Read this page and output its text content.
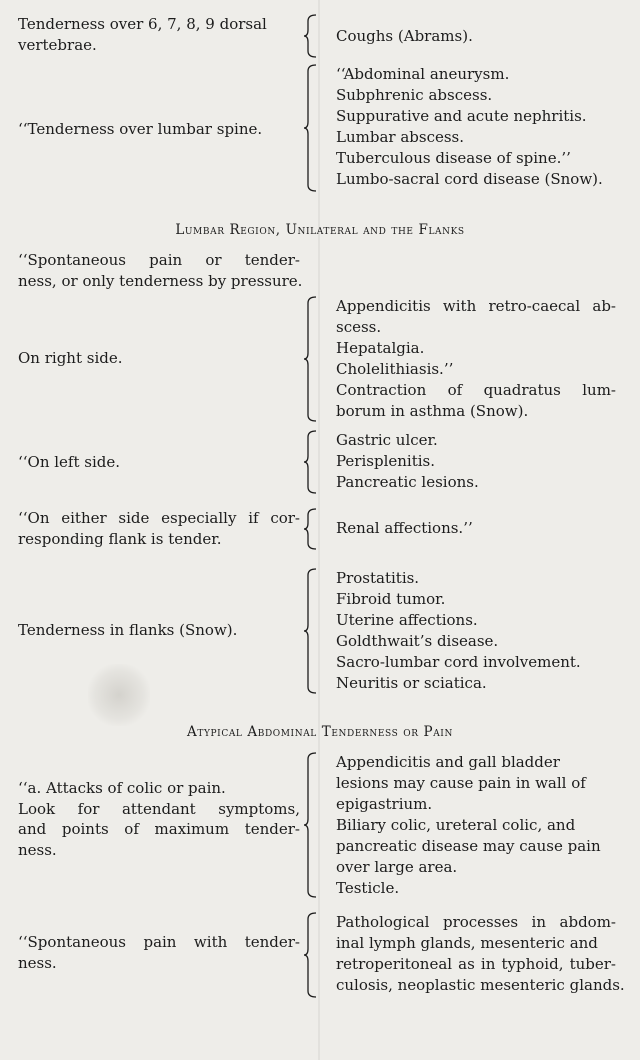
Tenderness over 6, 7, 8, 9 dorsal
vertebrae.	Coughs (Abrams).
‘‘Tenderness over lumbar spine.
‘‘Abdominal aneurysm.
Subphrenic abscess.
Suppurative and acute nephritis.
Lumbar abscess.
Tuberculous disease of spine.’’
Lumbo-sacral cord disease (Snow).
Lumbar Region, Unilateral and the Flanks
‘‘Spontaneous pain or tender-
ness, or only tenderness by pressure.
On right side.
Appendicitis with retro-caecal ab-
scess.
Hepatalgia.
Cholelithiasis.’’
Contraction of quadratus lum-
borum in asthma (Snow).
‘‘On left side.
Gastric ulcer.
Perisplenitis.
Pancreatic lesions.
‘‘On either side especially if cor-
responding flank is tender.
Renal affections.’’
Tenderness in flanks (Snow).
Prostatitis.
Fibroid tumor.
Uterine affections.
Goldthwait’s disease.
Sacro-lumbar cord involvement.
Neuritis or sciatica.
Atypical Abdominal Tenderness or Pain
‘‘a. Attacks of colic or pain.
Look for attendant symptoms,
and points of maximum tender-
ness.
Appendicitis and gall bladder
lesions may cause pain in wall of
epigastrium.
Biliary colic, ureteral colic, and
pancreatic disease may cause pain
over large area.
Testicle.
‘‘Spontaneous pain with tender-
ness.
Pathological processes in abdom-
inal lymph glands, mesenteric and
retroperitoneal as in typhoid, tuber-
culosis, neoplastic mesenteric glands.
